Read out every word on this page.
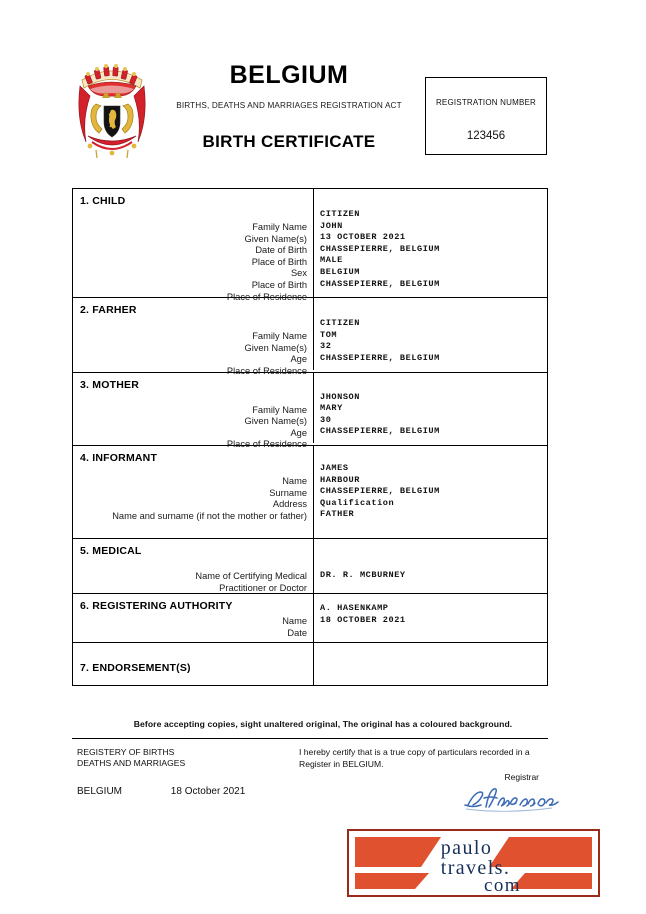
BELGIUM
BIRTHS, DEATHS AND MARRIAGES REGISTRATION ACT
BIRTH CERTIFICATE
REGISTRATION NUMBER
123456
1. CHILD
Family Name
Given Name(s)
Date of Birth
Place of Birth
Sex
Place of Birth
Place of Residence
CITIZEN
JOHN
13 OCTOBER 2021
CHASSEPIERRE, BELGIUM
MALE
BELGIUM
CHASSEPIERRE, BELGIUM
2. FARHER
Family Name
Given Name(s)
Age
Place of Residence
CITIZEN
TOM
32
CHASSEPIERRE, BELGIUM
3. MOTHER
Family Name
Given Name(s)
Age
Place of Residence
JHONSON
MARY
30
CHASSEPIERRE, BELGIUM
4. INFORMANT
Name
Surname
Address
Name and surname (if not the mother or father)
JAMES
HARBOUR
CHASSEPIERRE, BELGIUM
Qualification
FATHER
5. MEDICAL
Name of Certifying Medical
Practitioner or Doctor
DR. R. MCBURNEY
6. REGISTERING AUTHORITY
Name
Date
A. HASENKAMP
18 OCTOBER 2021
7. ENDORSEMENT(S)
Before accepting copies, sight unaltered original, The original has a coloured background.
REGISTERY OF BIRTHS
DEATHS AND MARRIAGES
BELGIUM	18 October 2021
I hereby certify that is a true copy of particulars recorded in a Register in BELGIUM.
Registrar
paulo
travels.
com
